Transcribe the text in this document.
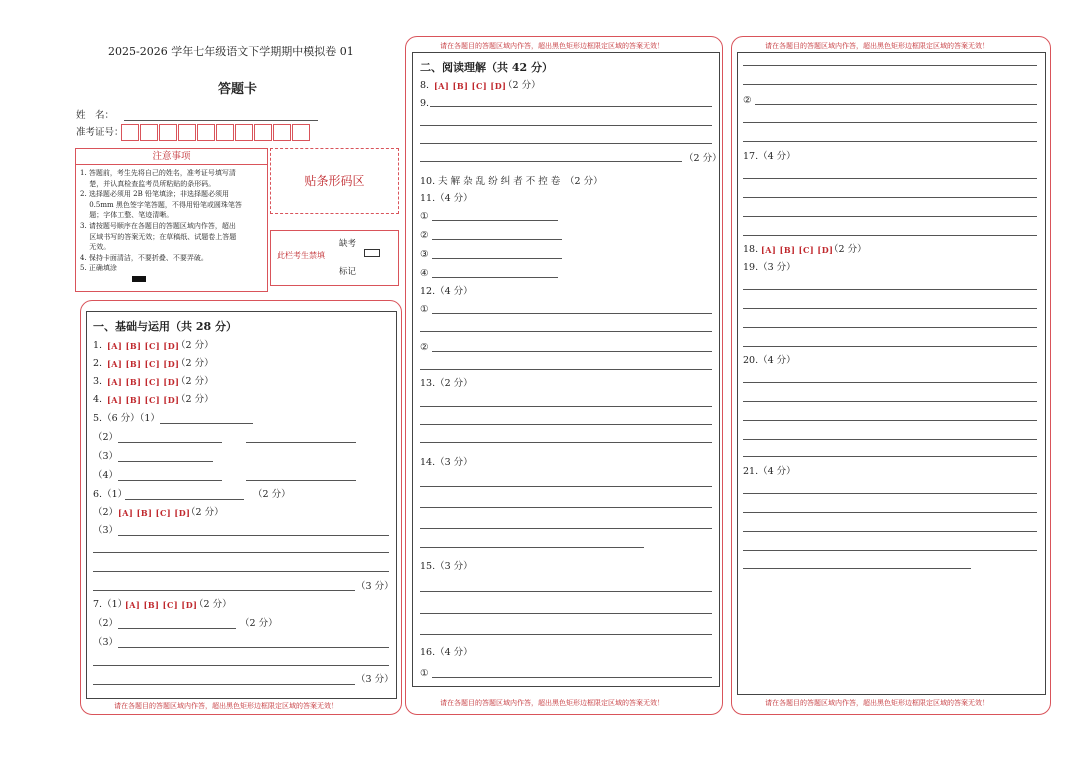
2025-2026 学年七年级语文下学期期中模拟卷 01
答题卡
姓　名：
准考证号：
注意事项
1. 答题前，考生先将自己的姓名，准考证号填写清
　 楚，并认真检查监考员所粘贴的条形码。
2. 选择题必须用 2B 铅笔填涂；非选择题必须用
　 0.5mm 黑色签字笔答题，不得用铅笔或圆珠笔答
　 题；字体工整、笔迹清晰。
3. 请按题号顺序在各题目的答题区域内作答，超出
　 区域书写的答案无效；在草稿纸、试题卷上答题
　 无效。
4. 保持卡面清洁，不要折叠、不要弄破。
5. 正确填涂
贴条形码区
此栏考生禁填
缺考
标记
请在各题目的答题区域内作答，超出黑色矩形边框限定区域的答案无效！	请在各题目的答题区域内作答，超出黑色矩形边框限定区域的答案无效！
请在各题目的答题区域内作答，超出黑色矩形边框限定区域的答案无效！	请在各题目的答题区域内作答，超出黑色矩形边框限定区域的答案无效！	请在各题目的答题区域内作答，超出黑色矩形边框限定区域的答案无效！
一、基础与运用（共 28 分）
1. [A] [B] [C] [D]
（2 分）
2. [A] [B] [C] [D]
（2 分）
3. [A] [B] [C] [D]
（2 分）
4. [A] [B] [C] [D]
（2 分）
5.（6 分）（1）
（2）
（3）
（4）
6.（1）	（2 分）
（2） [A] [B] [C] [D]
（2 分）
（3）
（3 分）
7.（1）
[A] [B] [C] [D]
（2 分）
（2）	（2 分）
（3）
（3 分）
二、阅读理解（共 42 分）
8. [A] [B] [C] [D]
（2 分）
9.
（2 分）
10. 夫 解 杂 乱 纷 纠 者 不 控 卷　（2 分）
11.（4 分）
①
②
③
④
12.（4 分）
①
②
13.（2 分）
14.（3 分）
15.（3 分）
16.（4 分）
①
②
17.（4 分）
18. [A] [B] [C] [D]
（2 分）
19.（3 分）
20.（4 分）
21.（4 分）
